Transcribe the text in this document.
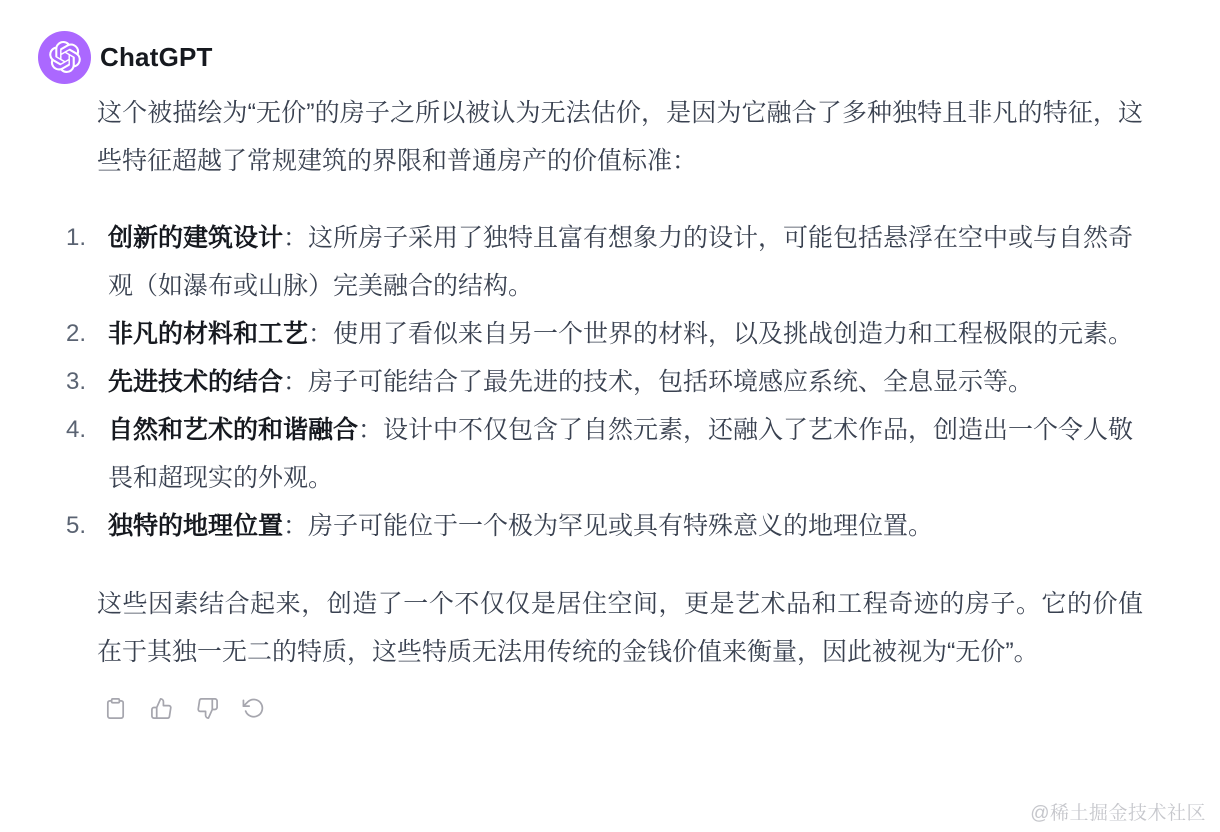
ChatGPT

这个被描绘为“无价”的房子之所以被认为无法估价，是因为它融合了多种独特且非凡的特征，这些特征超越了常规建筑的界限和普通房产的价值标准：

1. 创新的建筑设计：这所房子采用了独特且富有想象力的设计，可能包括悬浮在空中或与自然奇观（如瀑布或山脉）完美融合的结构。
2. 非凡的材料和工艺：使用了看似来自另一个世界的材料，以及挑战创造力和工程极限的元素。
3. 先进技术的结合：房子可能结合了最先进的技术，包括环境感应系统、全息显示等。
4. 自然和艺术的和谐融合：设计中不仅包含了自然元素，还融入了艺术作品，创造出一个令人敬畏和超现实的外观。
5. 独特的地理位置：房子可能位于一个极为罕见或具有特殊意义的地理位置。

这些因素结合起来，创造了一个不仅仅是居住空间，更是艺术品和工程奇迹的房子。它的价值在于其独一无二的特质，这些特质无法用传统的金钱价值来衡量，因此被视为“无价”。

@稀土掘金技术社区
